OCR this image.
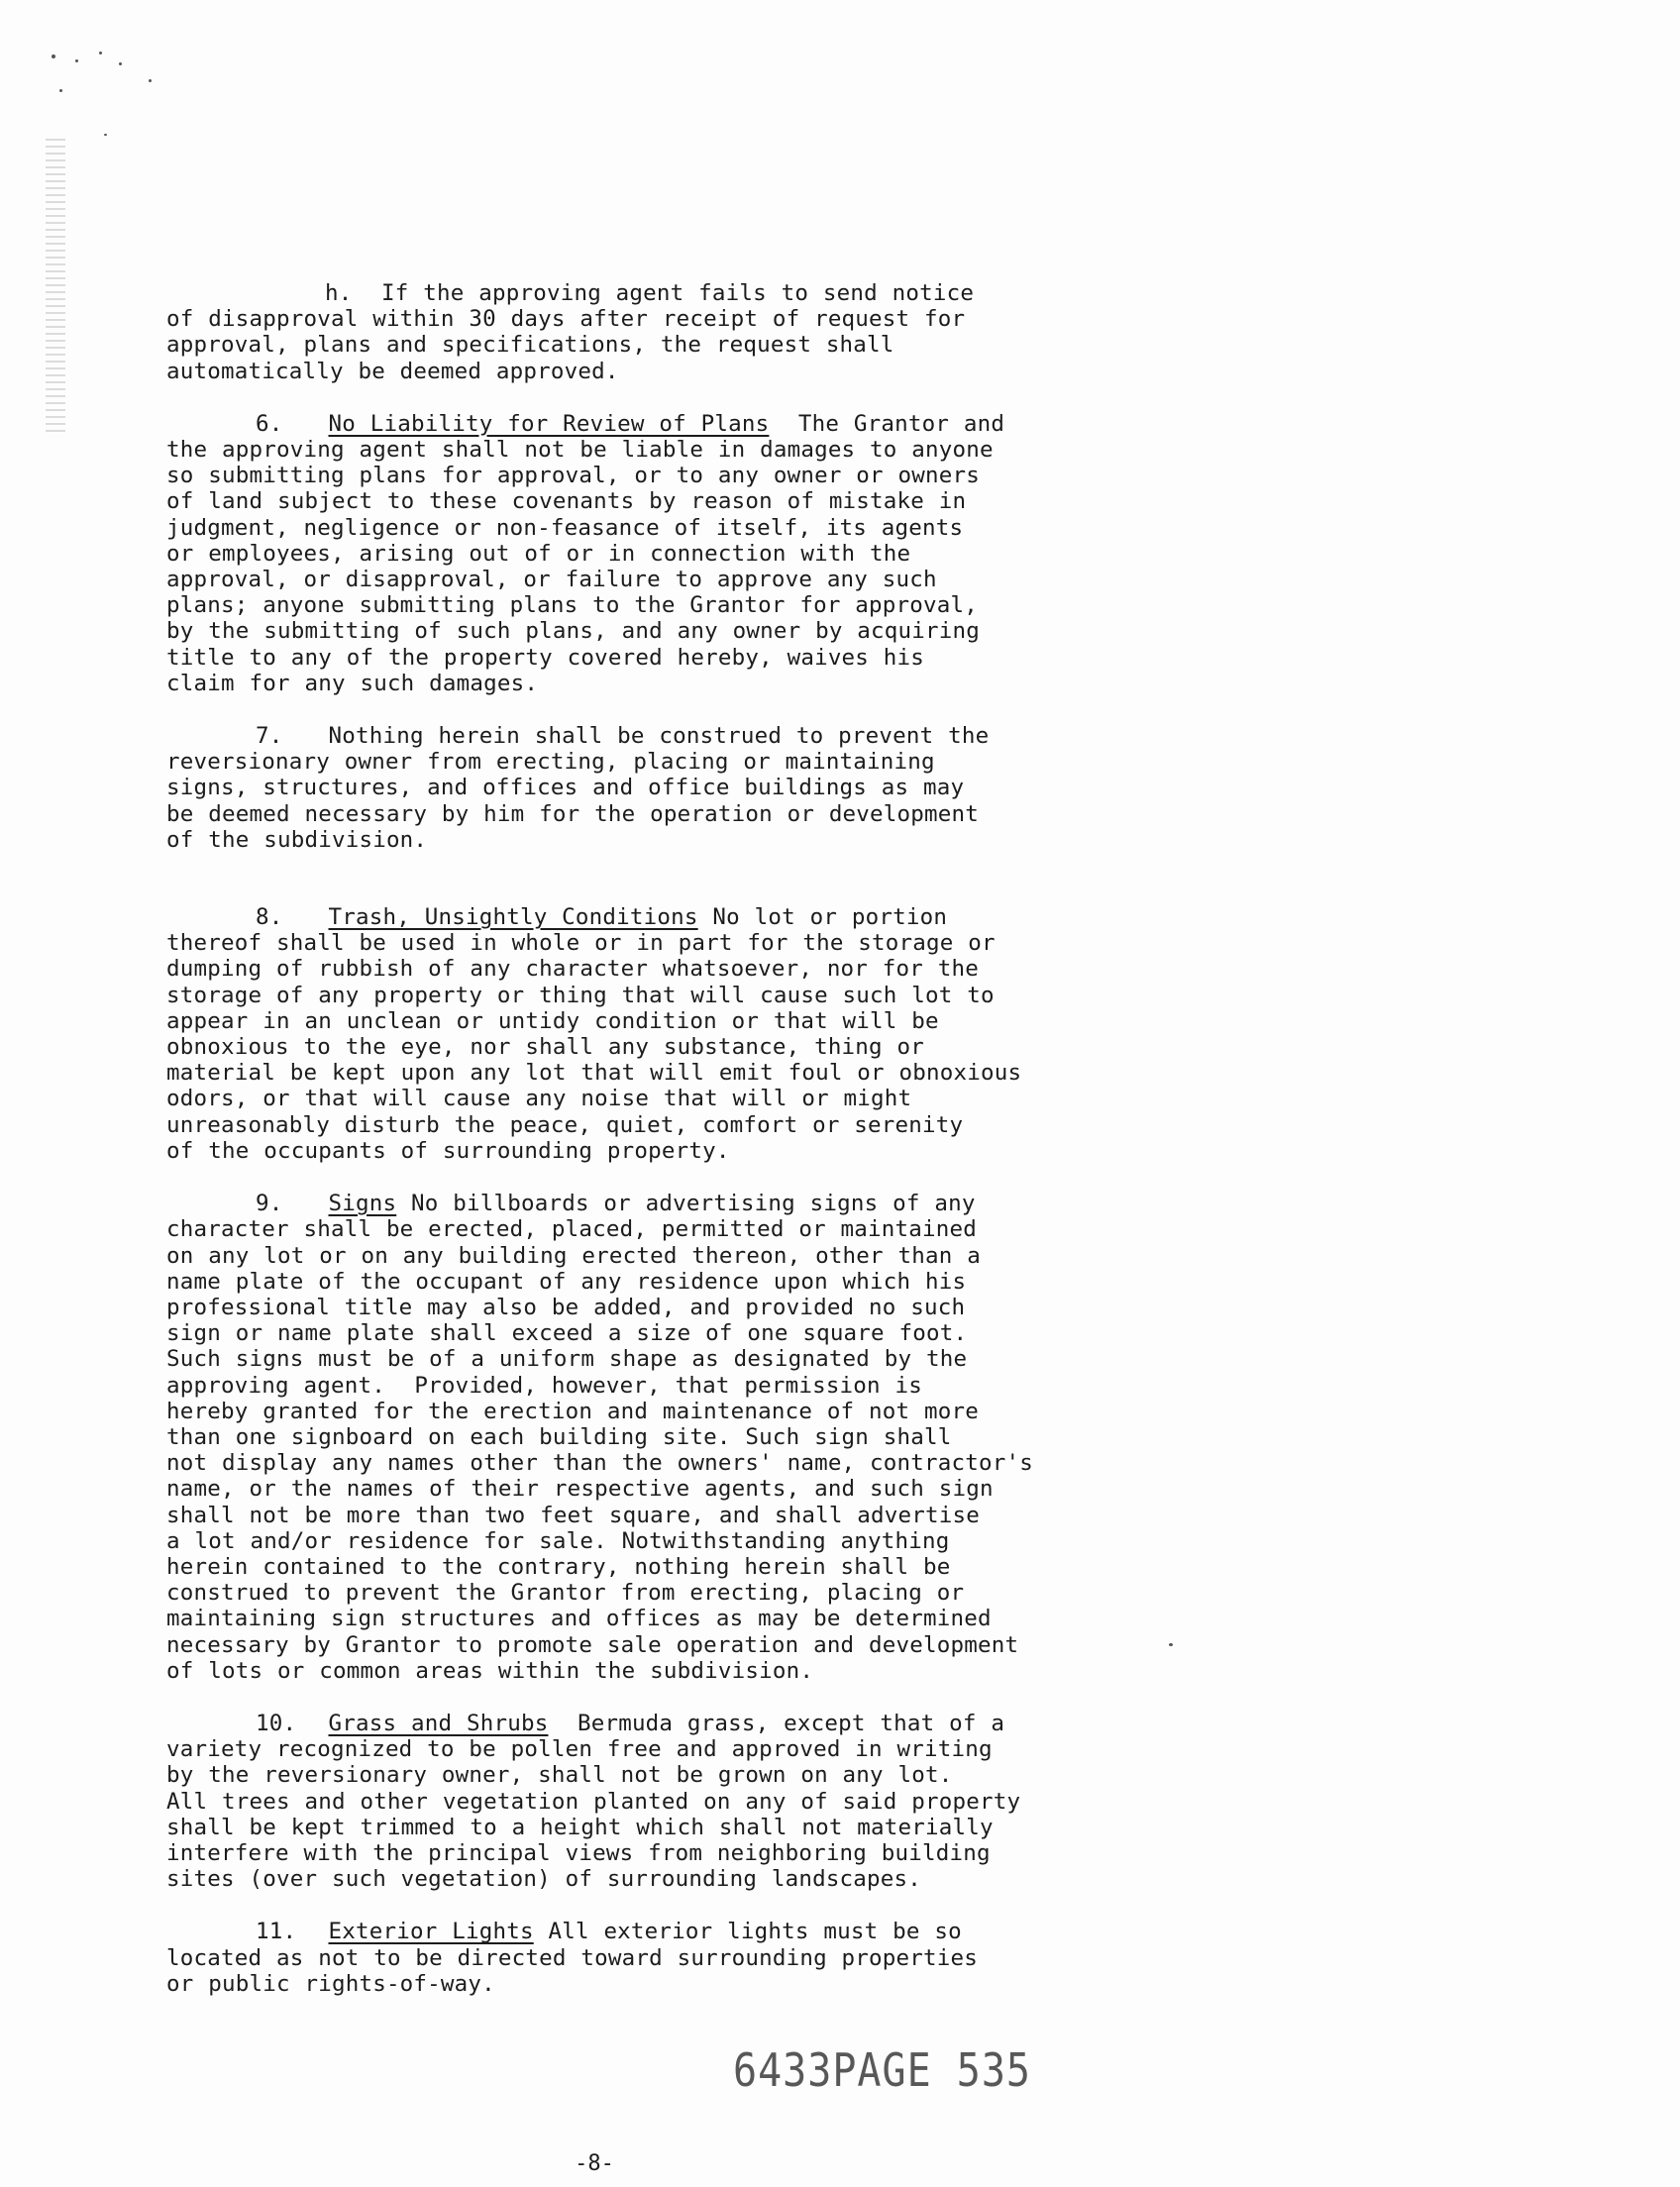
h. If the approving agent fails to send notice
of disapproval within 30 days after receipt of request for
approval, plans and specifications, the request shall
automatically be deemed approved.

6. No Liability for Review of Plans The Grantor and
the approving agent shall not be liable in damages to anyone
so submitting plans for approval, or to any owner or owners
of land subject to these covenants by reason of mistake in
judgment, negligence or non-feasance of itself, its agents
or employees, arising out of or in connection with the
approval, or disapproval, or failure to approve any such
plans; anyone submitting plans to the Grantor for approval,
by the submitting of such plans, and any owner by acquiring
title to any of the property covered hereby, waives his
claim for any such damages.

7. Nothing herein shall be construed to prevent the
reversionary owner from erecting, placing or maintaining
signs, structures, and offices and office buildings as may
be deemed necessary by him for the operation or development
of the subdivision.

8. Trash, Unsightly Conditions No lot or portion
thereof shall be used in whole or in part for the storage or
dumping of rubbish of any character whatsoever, nor for the
storage of any property or thing that will cause such lot to
appear in an unclean or untidy condition or that will be
obnoxious to the eye, nor shall any substance, thing or
material be kept upon any lot that will emit foul or obnoxious
odors, or that will cause any noise that will or might
unreasonably disturb the peace, quiet, comfort or serenity
of the occupants of surrounding property.

9. Signs No billboards or advertising signs of any
character shall be erected, placed, permitted or maintained
on any lot or on any building erected thereon, other than a
name plate of the occupant of any residence upon which his
professional title may also be added, and provided no such
sign or name plate shall exceed a size of one square foot.
Such signs must be of a uniform shape as designated by the
approving agent.  Provided, however, that permission is
hereby granted for the erection and maintenance of not more
than one signboard on each building site. Such sign shall
not display any names other than the owners' name, contractor's
name, or the names of their respective agents, and such sign
shall not be more than two feet square, and shall advertise
a lot and/or residence for sale. Notwithstanding anything
herein contained to the contrary, nothing herein shall be
construed to prevent the Grantor from erecting, placing or
maintaining sign structures and offices as may be determined
necessary by Grantor to promote sale operation and development
of lots or common areas within the subdivision.

10. Grass and Shrubs Bermuda grass, except that of a
variety recognized to be pollen free and approved in writing
by the reversionary owner, shall not be grown on any lot.
All trees and other vegetation planted on any of said property
shall be kept trimmed to a height which shall not materially
interfere with the principal views from neighboring building
sites (over such vegetation) of surrounding landscapes.

11. Exterior Lights All exterior lights must be so
located as not to be directed toward surrounding properties
or public rights-of-way.

6433PAGE 535
-8-
